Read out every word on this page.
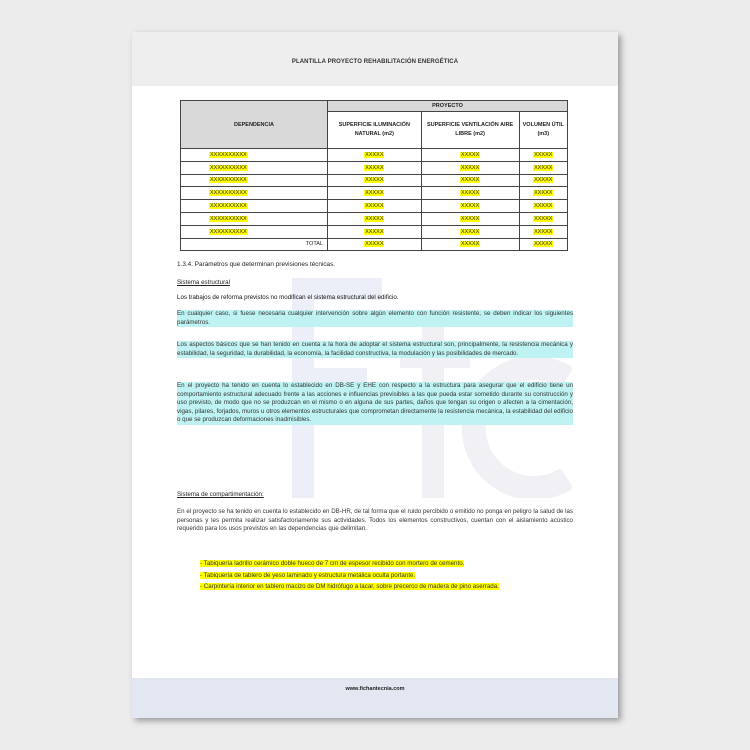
PLANTILLA PROYECTO REHABILITACIÓN ENERGÉTICA
DEPENDENCIA	PROYECTO		
	SUPERFICIE ILUMINACIÓN NATURAL (m2)	SUPERFICIE VENTILACIÓN AIRE LIBRE (m2)	VOLUMEN ÚTIL (m3)
XXXXXXXXXX	XXXXX	XXXXX	XXXXX
XXXXXXXXXX	XXXXX	XXXXX	XXXXX
XXXXXXXXXX	XXXXX	XXXXX	XXXXX
XXXXXXXXXX	XXXXX	XXXXX	XXXXX
XXXXXXXXXX	XXXXX	XXXXX	XXXXX
XXXXXXXXXX	XXXXX	XXXXX	XXXXX
XXXXXXXXXX	XXXXX	XXXXX	XXXXX
TOTAL	XXXXX	XXXXX	XXXXX
1.3.4. Parámetros que determinan previsiones técnicas.
Sistema estructural
Los trabajos de reforma previstos no modifican el sistema estructural del edificio.
En cualquier caso, si fuese necesaria cualquier intervención sobre algún elemento con función resistente, se deben indicar los siguientes parámetros.
Los aspectos básicos que se han tenido en cuenta a la hora de adoptar el sistema estructural son, principalmente, la resistencia mecánica y estabilidad, la seguridad, la durabilidad, la economía, la facilidad constructiva, la modulación y las posibilidades de mercado.
En el proyecto ha tenido en cuenta lo establecido en DB-SE y EHE con respecto a la estructura para asegurar que el edificio tiene un comportamiento estructural adecuado frente a las acciones e influencias previsibles a las que pueda estar sometido durante su construcción y uso previsto, de modo que no se produzcan en el mismo o en alguna de sus partes, daños que tengan su origen o afecten a la cimentación, vigas, pilares, forjados, muros u otros elementos estructurales que comprometan directamente la resistencia mecánica, la estabilidad del edificio o que se produzcan deformaciones inadmisibles.
Sistema de compartimentación:
En el proyecto se ha tenido en cuenta lo establecido en DB-HR, de tal forma que el ruido percibido o emitido no ponga en peligro la salud de las personas y les permita realizar satisfactoriamente sus actividades. Todos los elementos constructivos, cuentan con el aislamiento acústico requerido para los usos previstos en las dependencias que delimitan.
- Tabiquería ladrillo cerámico doble hueco de 7 cm de espesor recibido con mortero de cemento.
- Tabiquería de tablero de yeso laminado y estructura metálica oculta portante.
- Carpintería interior en tablero macizo de DM hidrófugo a lacar, sobre precerco de madera de pino aserrada.
www.fichantecnia.com
